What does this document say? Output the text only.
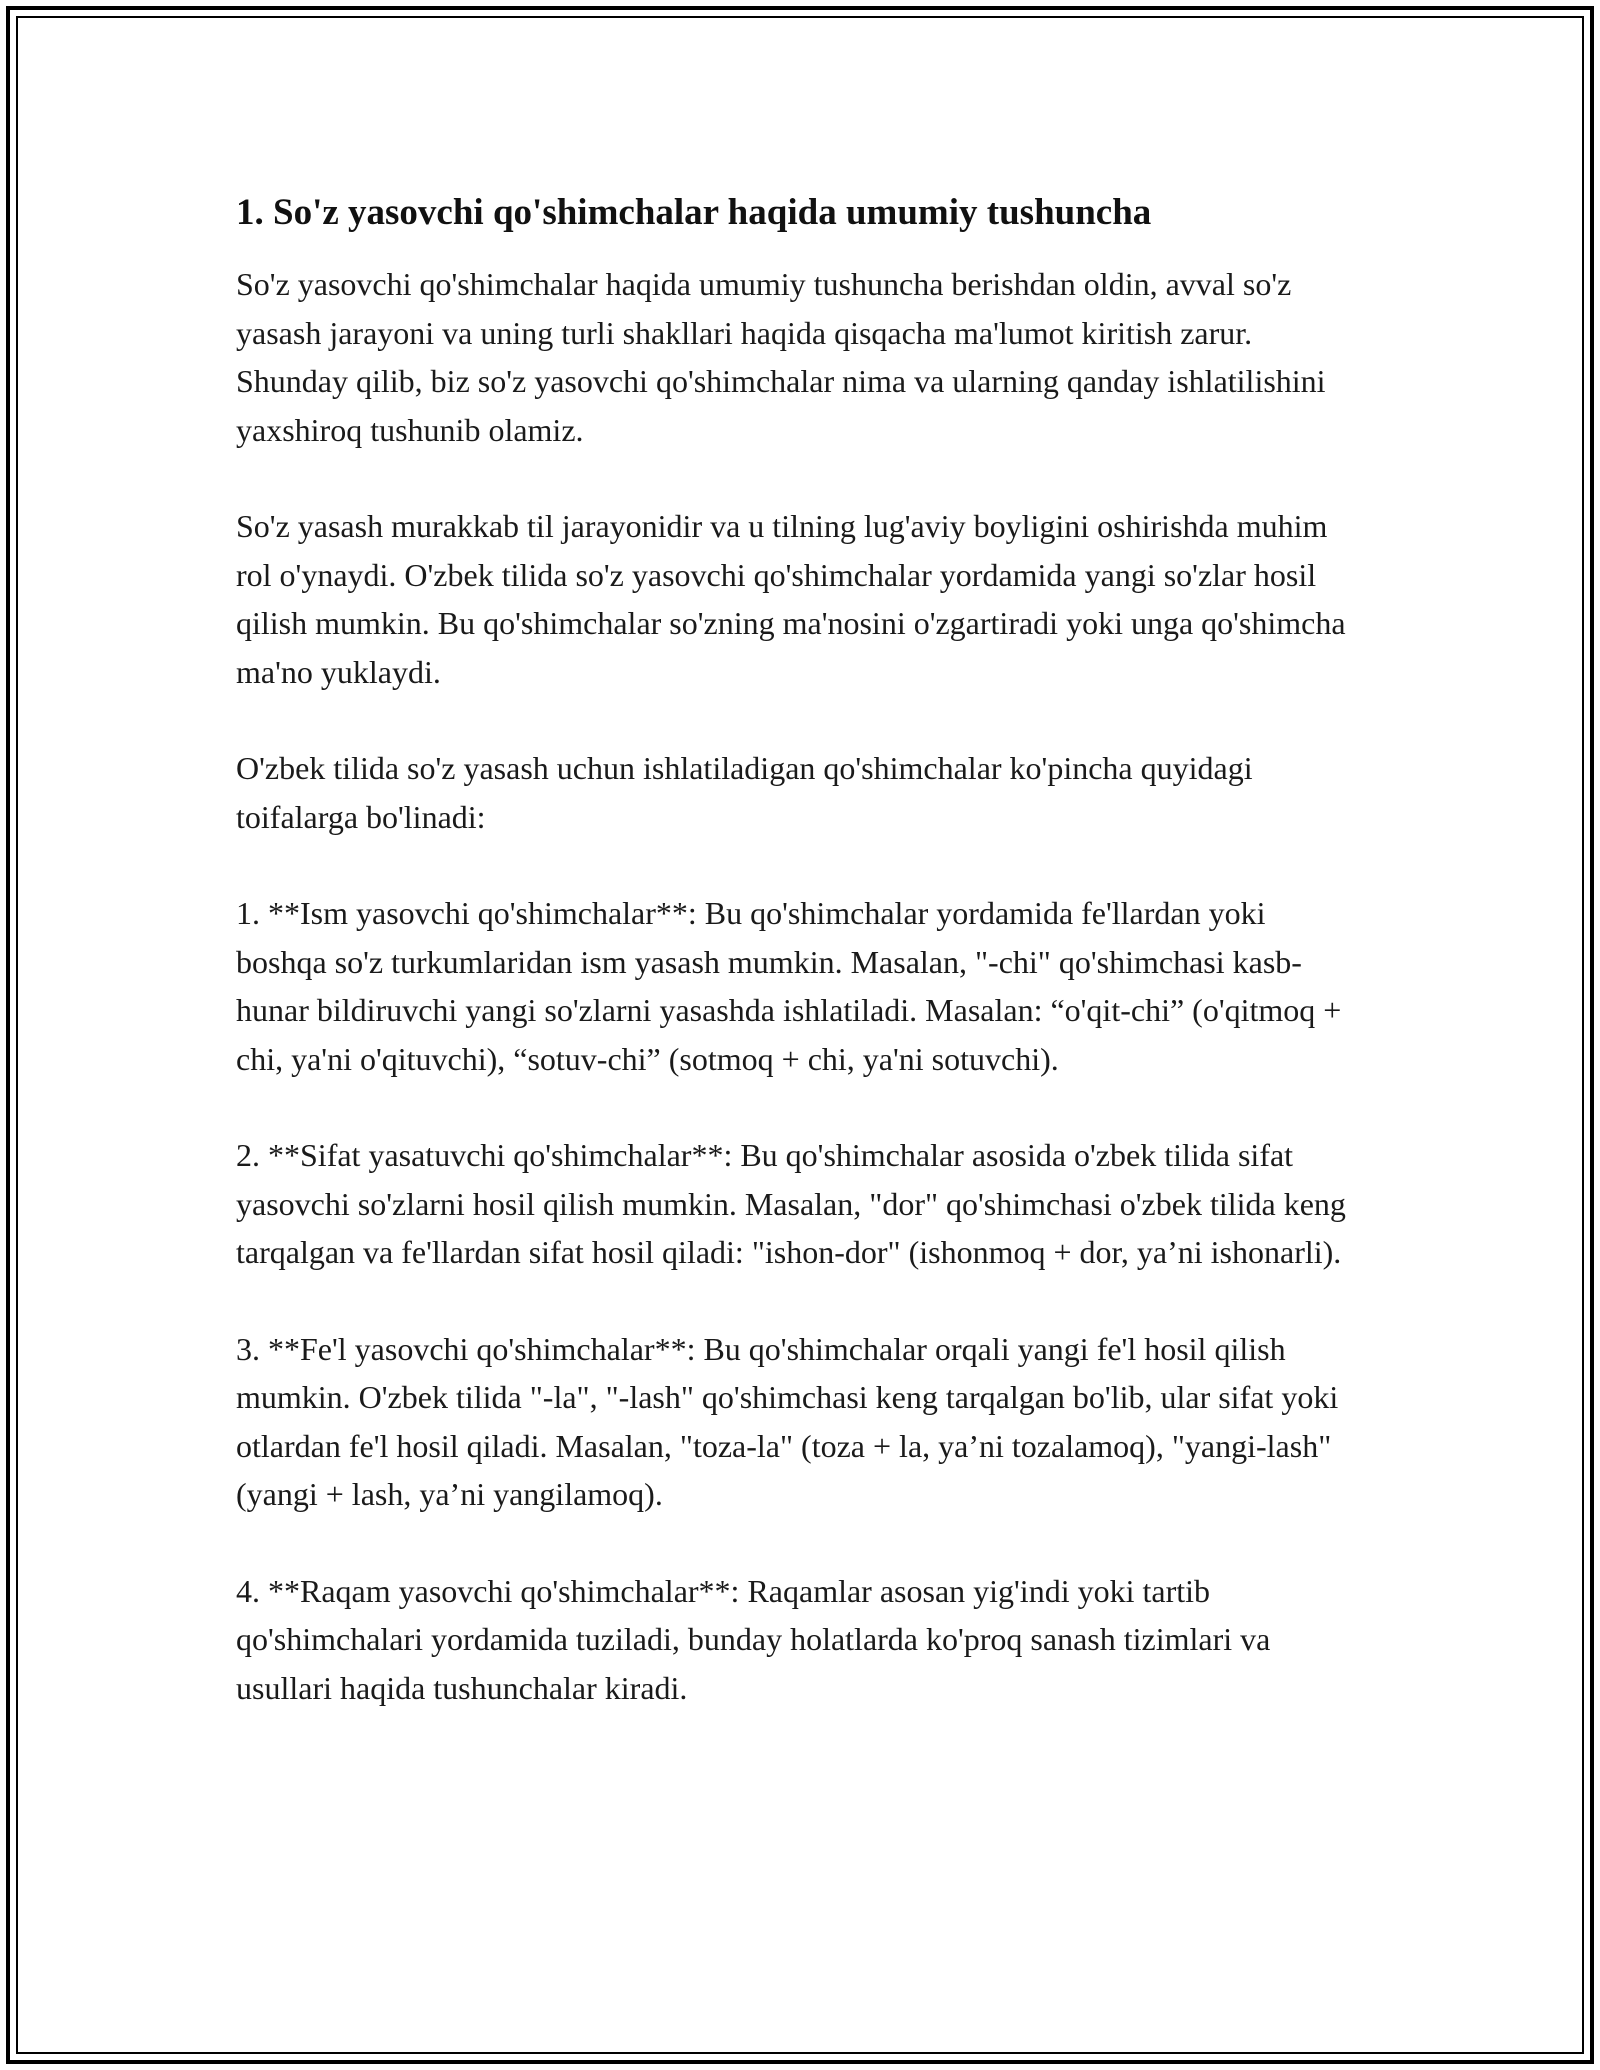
1. So'z yasovchi qo'shimchalar haqida umumiy tushuncha

So'z yasovchi qo'shimchalar haqida umumiy tushuncha berishdan oldin, avval so'z yasash jarayoni va uning turli shakllari haqida qisqacha ma'lumot kiritish zarur. Shunday qilib, biz so'z yasovchi qo'shimchalar nima va ularning qanday ishlatilishini yaxshiroq tushunib olamiz.

So'z yasash murakkab til jarayonidir va u tilning lug'aviy boyligini oshirishda muhim rol o'ynaydi. O'zbek tilida so'z yasovchi qo'shimchalar yordamida yangi so'zlar hosil qilish mumkin. Bu qo'shimchalar so'zning ma'nosini o'zgartiradi yoki unga qo'shimcha ma'no yuklaydi.

O'zbek tilida so'z yasash uchun ishlatiladigan qo'shimchalar ko'pincha quyidagi toifalarga bo'linadi:

1. **Ism yasovchi qo'shimchalar**: Bu qo'shimchalar yordamida fe'llardan yoki boshqa so'z turkumlaridan ism yasash mumkin. Masalan, "-chi" qo'shimchasi kasb-hunar bildiruvchi yangi so'zlarni yasashda ishlatiladi. Masalan: “o'qit-chi” (o'qitmoq + chi, ya'ni o'qituvchi), “sotuv-chi” (sotmoq + chi, ya'ni sotuvchi).

2. **Sifat yasatuvchi qo'shimchalar**: Bu qo'shimchalar asosida o'zbek tilida sifat yasovchi so'zlarni hosil qilish mumkin. Masalan, "dor" qo'shimchasi o'zbek tilida keng tarqalgan va fe'llardan sifat hosil qiladi: "ishon-dor" (ishonmoq + dor, ya’ni ishonarli).

3. **Fe'l yasovchi qo'shimchalar**: Bu qo'shimchalar orqali yangi fe'l hosil qilish mumkin. O'zbek tilida "-la", "-lash" qo'shimchasi keng tarqalgan bo'lib, ular sifat yoki otlardan fe'l hosil qiladi. Masalan, "toza-la" (toza + la, ya’ni tozalamoq), "yangi-lash" (yangi + lash, ya’ni yangilamoq).

4. **Raqam yasovchi qo'shimchalar**: Raqamlar asosan yig'indi yoki tartib qo'shimchalari yordamida tuziladi, bunday holatlarda ko'proq sanash tizimlari va usullari haqida tushunchalar kiradi.
